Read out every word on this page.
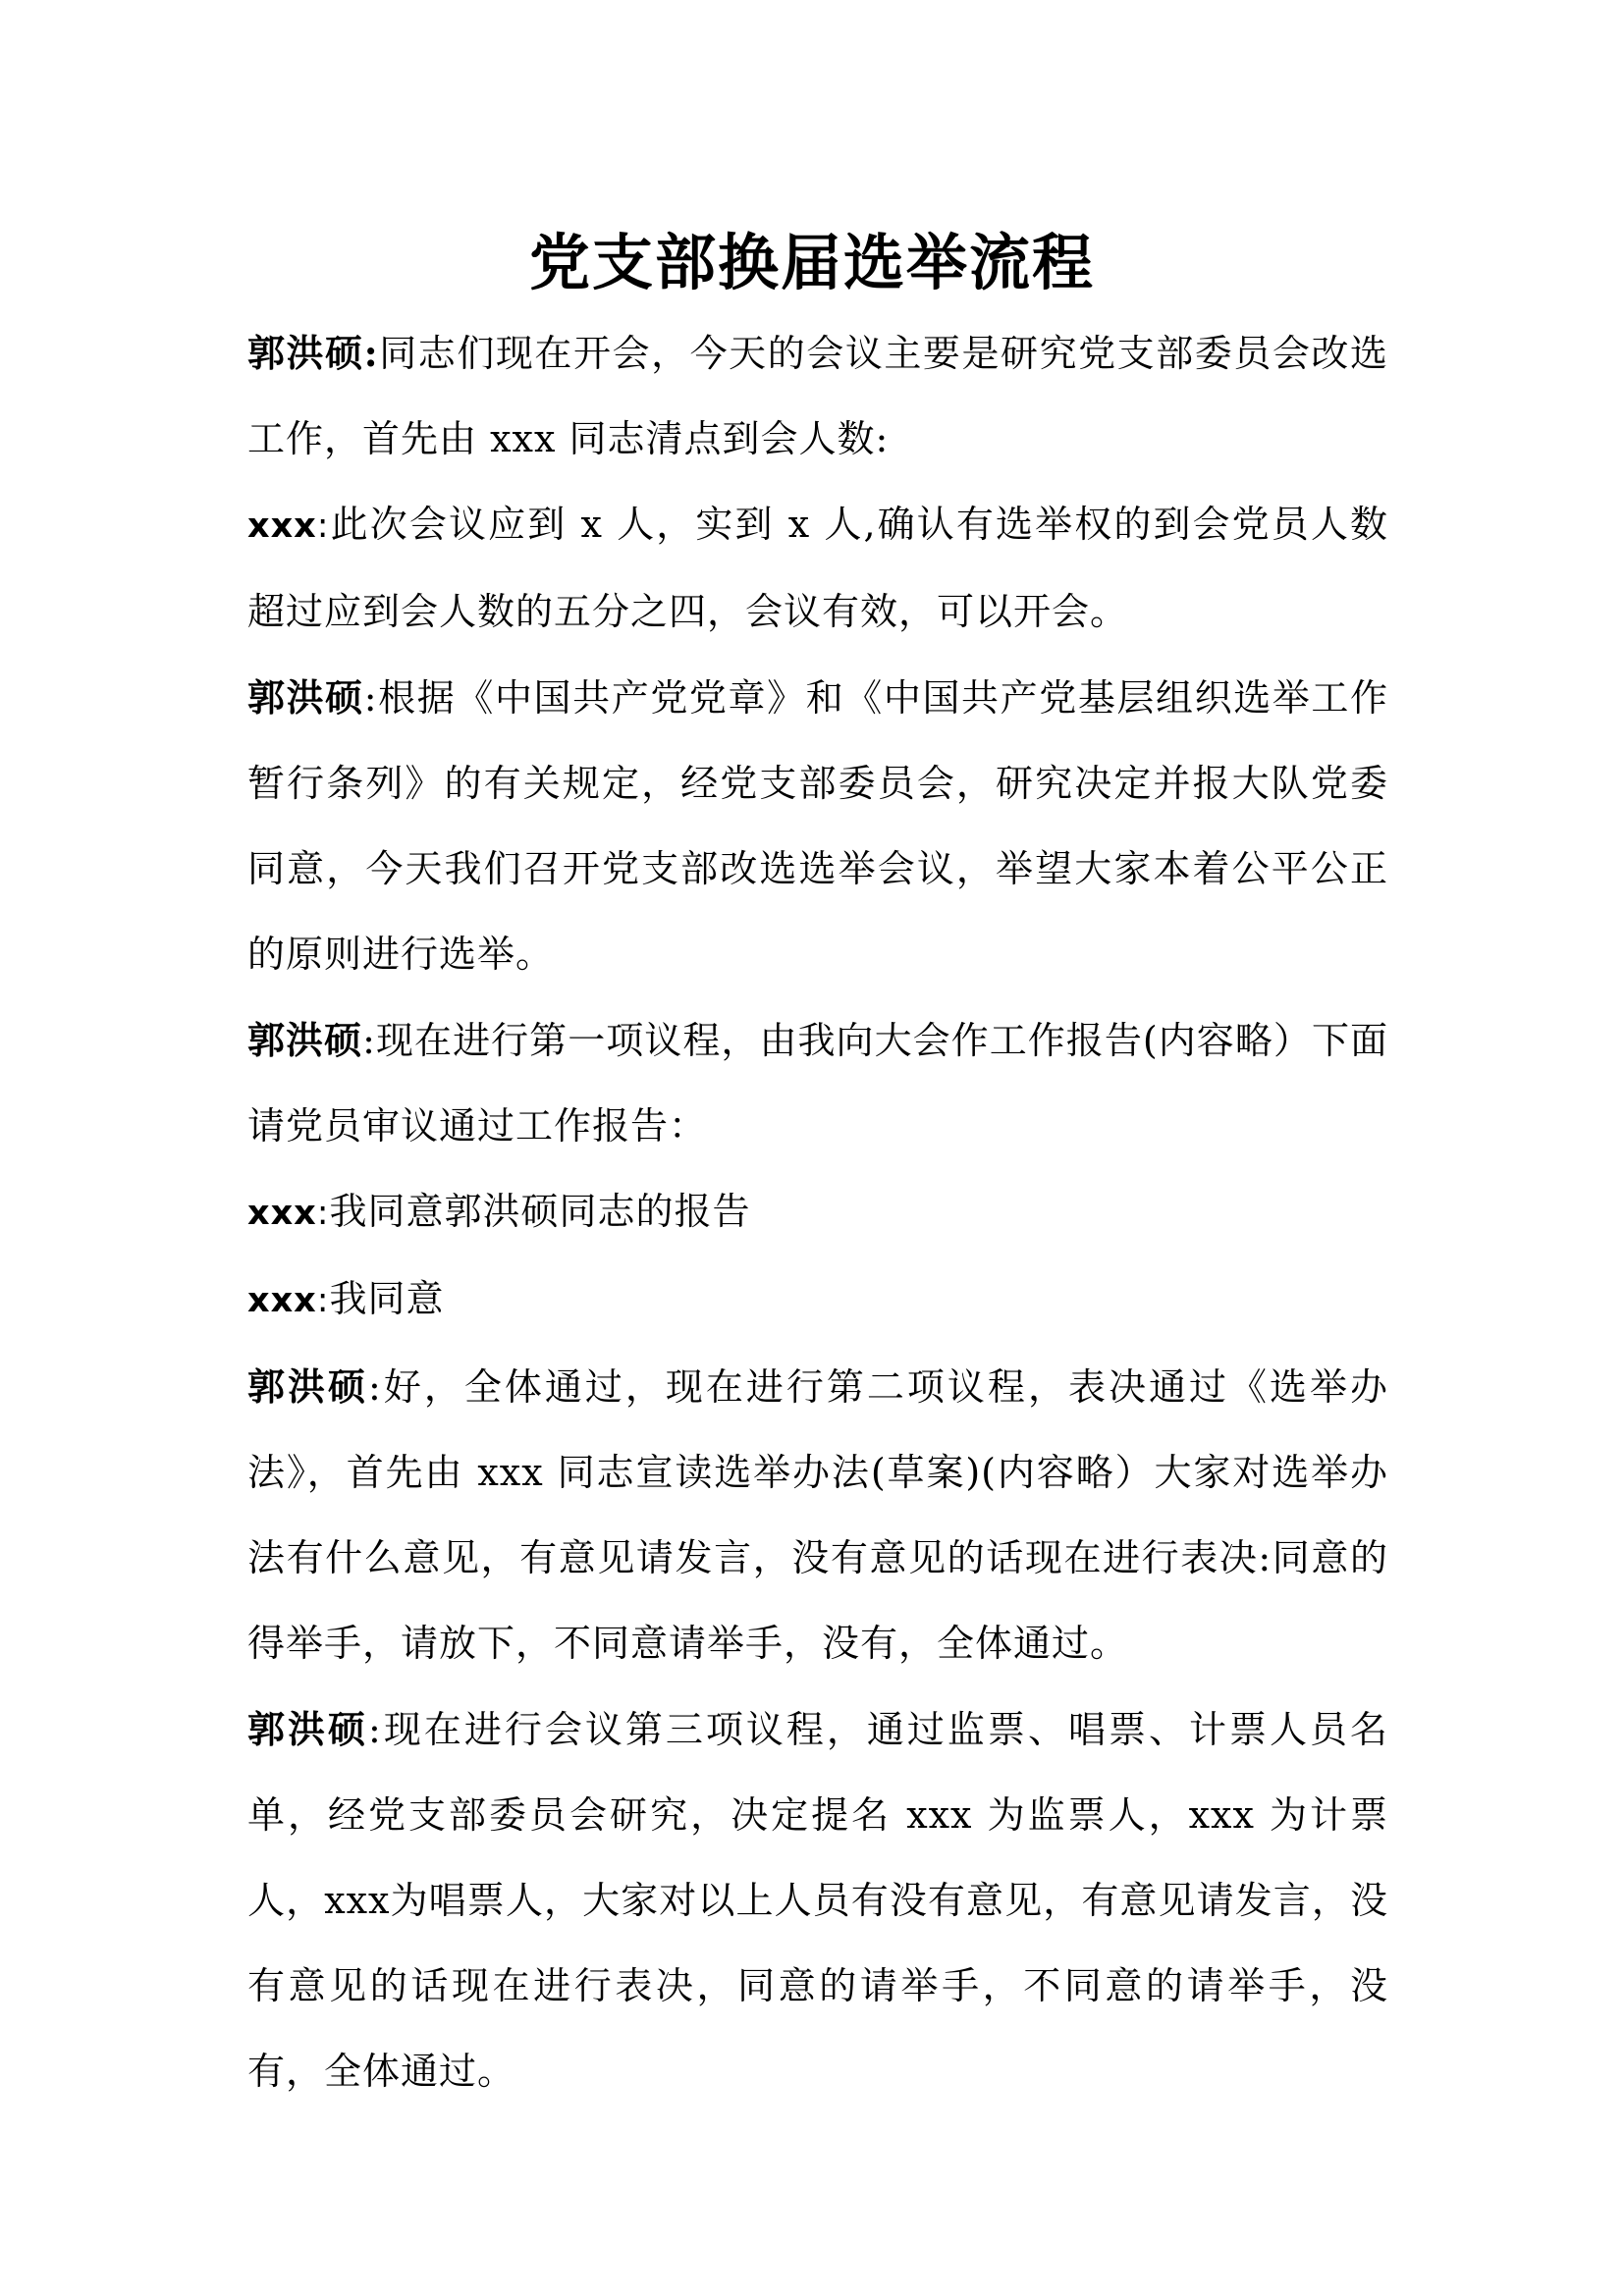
党支部换届选举流程

郭洪硕:同志们现在开会，今天的会议主要是研究党支部委员会改选工作，首先由 xxx 同志清点到会人数:

xxx:此次会议应到 x 人，实到 x 人,确认有选举权的到会党员人数超过应到会人数的五分之四，会议有效，可以开会。

郭洪硕:根据《中国共产党党章》和《中国共产党基层组织选举工作暂行条列》的有关规定，经党支部委员会，研究决定并报大队党委同意，今天我们召开党支部改选选举会议，举望大家本着公平公正的原则进行选举。

郭洪硕:现在进行第一项议程，由我向大会作工作报告(内容略）下面请党员审议通过工作报告：

xxx:我同意郭洪硕同志的报告

xxx:我同意

郭洪硕:好，全体通过，现在进行第二项议程，表决通过《选举办法》，首先由 xxx 同志宣读选举办法(草案)(内容略）大家对选举办法有什么意见，有意见请发言，没有意见的话现在进行表决:同意的得举手，请放下，不同意请举手，没有，全体通过。

郭洪硕:现在进行会议第三项议程，通过监票、唱票、计票人员名单，经党支部委员会研究，决定提名 xxx 为监票人，xxx 为计票人，xxx为唱票人，大家对以上人员有没有意见，有意见请发言，没有意见的话现在进行表决，同意的请举手，不同意的请举手，没有，全体通过。
